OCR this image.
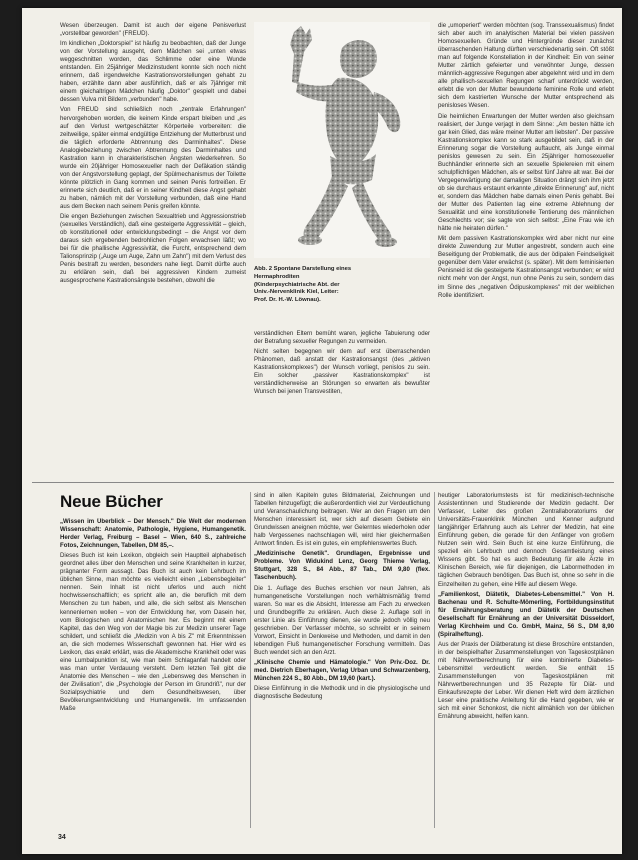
Wesen überzeugen. Damit ist auch der eigene Penisverlust „vorstellbar geworden" (FREUD).

Im kindlichen „Doktorspiel" ist häufig zu beobachten, daß der Junge von der Vorstellung ausgeht, dem Mädchen sei „unten etwas weggeschnitten worden, das Schlimme oder eine Wunde entstanden. Ein 25jähriger Medizinstudent konnte sich noch nicht erinnern, daß irgendwelche Kastrationsvorstellungen gehabt zu haben, erzählte dann aber ausführlich, daß er als 7jähriger mit einem gleichaltrigen Mädchen häufig „Doktor" gespielt und dabei dessen Vulva mit Bildern „verbunden" habe.

Von FREUD sind schließlich noch „zentrale Erfahrungen" hervorgehoben worden, die keinem Kinde erspart bleiben und „es auf den Verlust wertgeschätzter Körperteile vorbereiten: die zeitweilige, später einmal endgültige Entziehung der Mutterbrust und die täglich erforderte Abtrennung des Darminhaltes". Diese Analogiebeziehung zwischen Abtrennung des Darminhaltes und Kastration kann in charakteristischen Ängsten wiederkehren. So wurde ein 20jähriger Homosexueller nach der Defäkation ständig von der Angstvorstellung geplagt, der Spülmechanismus der Toilette könnte plötzlich in Gang kommen und seinen Penis fortreißen. Er erinnerte sich deutlich, daß er in seiner Kindheit diese Angst gehabt zu haben, nämlich mit der Vorstellung verbunden, daß eine Hand aus dem Becken nach seinem Penis greifen könnte.

Die engen Beziehungen zwischen Sexualtrieb und Aggressionstrieb (sexuelles Verständlich), daß eine gesteigerte Aggressivität – gleich, ob konstitutionell oder entwicklungsbedingt – die Angst vor dem daraus sich ergebenden bedrohlichen Folgen erwachsen läßt; wo bei für die phallische Aggressivität, die Furcht, entsprechend dem Talionsprinzip („Auge um Auge, Zahn um Zahn") mit dem Verlust des Penis bestraft zu werden, besonders nahe liegt. Damit dürfte auch zu erklären sein, daß bei aggressiven Kindern zumeist ausgesprochene Kastrationsängste bestehen, obwohl die

Abb. 2 Spontane Darstellung eines Hermaphroditen (Kinderpsychiatrische Abt. der Univ.-Nervenklinik Kiel, Leiter: Prof. Dr. H.-W. Löwnau).

verständlichen Eltern bemüht waren, jegliche Tabuierung oder der Betrafung sexueller Regungen zu vermeiden.

Nicht selten begegnen wir dem auf erst überraschenden Phänomen, daß anstatt der Kastrationsangst (des „aktiven Kastrationskomplexes") der Wunsch vorliegt, penislos zu sein. Ein solcher „passiver Kastrationskomplex" ist verständlicherweise an Störungen so erwarten als bewußter Wunsch bei jenen Transvestiten,

die „umoperiert" werden möchten (sog. Transsexualismus) findet sich aber auch im analytischen Material bei vielen passiven Homosexuellen. Gründe und Hintergründe dieser zunächst überraschenden Haltung dürften verschiedenartig sein. Oft stößt man auf folgende Konstellation in der Kindheit: Ein von seiner Mutter zärtlich gefeierter und verwöhnter Junge, dessen männlich-aggressive Regungen aber abgelehnt wird und im dem alle phallisch-sexuellen Regungen scharf unterdrückt werden, erlebt die von der Mutter bewunderte feminine Rolle und erlebt sich dem kastrierten Wunsche der Mutter entsprechend als penisloses Wesen.

Die heimlichen Erwartungen der Mutter werden also gleichsam realisiert, der Junge verjagt in dem Sinne: „Am besten hätte ich gar kein Glied, das wäre meiner Mutter am liebsten". Der passive Kastrationskomplex kann so stark ausgebildet sein, daß in der Erinnerung sogar die Vorstellung auftaucht, als Junge einmal penislos gewesen zu sein. Ein 25jähriger homosexueller Buchhändler erinnerte sich an sexuelle Spielereien mit einem schulpflichtigen Mädchen, als er selbst fünf Jahre alt war. Bei der Vergegenwärtigung der damaligen Situation drängt sich ihm jetzt ob sie durchaus erstaunt erkannte „direkte Erinnerung" auf, nicht er, sondern das Mädchen habe damals einen Penis gehabt. Bei der Mutter des Patienten lag eine extreme Ablehnung der Sexualität und eine konstitutionelle Tentierung des männlichen Geschlechts vor; sie sagte von sich selbst: „Eine Frau wie ich hätte nie heiraten dürfen."

Mit dem passiven Kastrationskomplex wird aber nicht nur eine direkte Zuwendung zur Mutter angestrebt, sondern auch eine Beseitigung der Problematik, die aus der ödipalen Feindseligkeit gegenüber dem Vater erwächst (s. später). Mit dem feminisierten Penisneid ist die gesteigerte Kastrationsangst verbunden; er wird nicht mehr von der Angst, nun ohne Penis zu sein, sondern das im Sinne des „negativen Ödipuskomplexes" mit der weiblichen Rolle identifiziert.

Neue Bücher

„Wissen im Überblick – Der Mensch." Die Welt der modernen Wissenschaft: Anatomie, Pathologie, Hygiene, Humangenetik. Herder Verlag, Freiburg – Basel – Wien, 640 S., zahlreiche Fotos, Zeichnungen, Tabellen, DM 85,–.

Dieses Buch ist kein Lexikon, obgleich sein Hauptteil alphabetisch geordnet alles über den Menschen und seine Krankheiten in kurzer, prägnanter Form aussagt. Das Buch ist auch kein Lehrbuch im üblichen Sinne, man möchte es vielleicht einen „Lebensbegleiter" nennen. Sein Inhalt ist nicht uferlos und auch nicht hochwissenschaftlich; es spricht alle an, die beruflich mit dem Menschen zu tun haben, und alle, die sich selbst als Menschen kennenlernen wollen – von der Entwicklung her, vom Dasein her, vom Biologischen und Anatomischen her. Es beginnt mit einem Kapitel, das den Weg von der Magie bis zur Medizin unserer Tage schildert, und schließt die „Medizin von A bis Z" mit Erkenntnissen an, die sich modernes Wissenschaft gewonnen hat. Hier wird es Lexikon, das exakt erklärt, was die Akademische Krankheit oder was eine Lumbalpunktion ist, wie man beim Schlaganfall handelt oder was man unter Verdauung versteht. Dem letzten Teil gibt die Anatomie des Menschen – wie den „Lebensweg des Menschen in der Zivilisation", die „Psychologie der Person im Grundriß", nur der Sozialpsychiatrie und dem Gesundheitswesen, über Bevölkerungsentwicklung und Humangenetik. Im umfassenden Maße

sind in allen Kapiteln gutes Bildmaterial, Zeichnungen und Tabellen hinzugefügt; die außerordentlich viel zur Verdeutlichung und Veranschaulichung beitragen. Wer an den Fragen um den Menschen interessiert ist, wer sich auf diesem Gebiete ein Grundwissen aneignen möchte, wer Gelerntes wiederholen oder halb Vergessenes nachschlagen will, wird hier gleichermaßen Antwort finden. Es ist ein gutes, ein empfehlenswertes Buch.

„Medizinische Genetik". Grundlagen, Ergebnisse und Probleme. Von Widukind Lenz, Georg Thieme Verlag, Stuttgart, 328 S., 84 Abb., 87 Tab., DM 9,80 (flex. Taschenbuch).

Die 1. Auflage des Buches erschien vor neun Jahren, als humangenetische Vorstellungen noch verhältnismäßig fremd waren. So war es die Absicht, Interesse am Fach zu erwecken und Grundbegriffe zu erklären. Auch diese 2. Auflage soll in erster Linie als Einführung dienen, sie wurde jedoch völlig neu geschrieben. Der Verfasser möchte, so schreibt er in seinem Vorwort, Einsicht in Denkweise und Methoden, und damit in den lebendigen Fluß humangenetischer Forschung vermitteln. Das Buch wendet sich an den Arzt.

„Klinische Chemie und Hämatologie." Von Priv.-Doz. Dr. med. Dietrich Eberhagen, Verlag Urban und Schwarzenberg, München 224 S., 80 Abb., DM 19,60 (kart.).

Diese Einführung in die Methodik und in die physiologische und diagnostische Bedeutung

heutiger Laboratoriumstests ist für medizinisch-technische Assistentinnen und Studierende der Medizin gedacht. Der Verfasser, Leiter des großen Zentrallaboratoriums der Universitäts-Frauenklinik München und Kenner aufgrund langjähriger Erfahrung auch als Lehrer der Medizin, hat eine Einführung geben, die gerade für den Anfänger von großem Nutzen sein wird. Sein Buch ist eine kurze Einführung, die speziell ein Lehrbuch und dennoch Gesamtleistung eines Wissens gibt. So hat es auch Bedeutung für alle Ärzte im Klinischen Bereich, wie für diejenigen, die Labormethoden im täglichen Gebrauch benötigen. Das Buch ist, ohne so sehr in die Einzelheiten zu gehen, eine Hilfe auf diesem Wege.

„Familienkost, Diätetik, Diabetes-Lebensmittel." Von H. Bachenau und R. Schulte-Mömerling, Fortbildungsinstitut für Ernährungsberatung und Diätetik der Deutschen Gesellschaft für Ernährung an der Universität Düsseldorf, Verlag Kirchheim und Co. GmbH, Mainz, 56 S., DM 8,90 (Spiralheftung).

Aus der Praxis der Diätberatung ist diese Broschüre entstanden, in der beispielhafter Zusammenstellungen von Tageskostplänen mit Nährwertberechnung für eine kombinierte Diabetes-Lebensmittel verdeutlicht werden. Sie enthält 15 Zusammenstellungen von Tageskostplänen mit Nährwertberechnungen und 35 Rezepte für Diät- und Einkaufsrezepte der Leber. Wir dienen Heft wird dem ärztlichen Leser eine praktische Anleitung für die Hand gegeben, wie er sich mit einer Schonkost, die nicht allmählich von der üblichen Ernährung abweicht, helfen kann.

34
